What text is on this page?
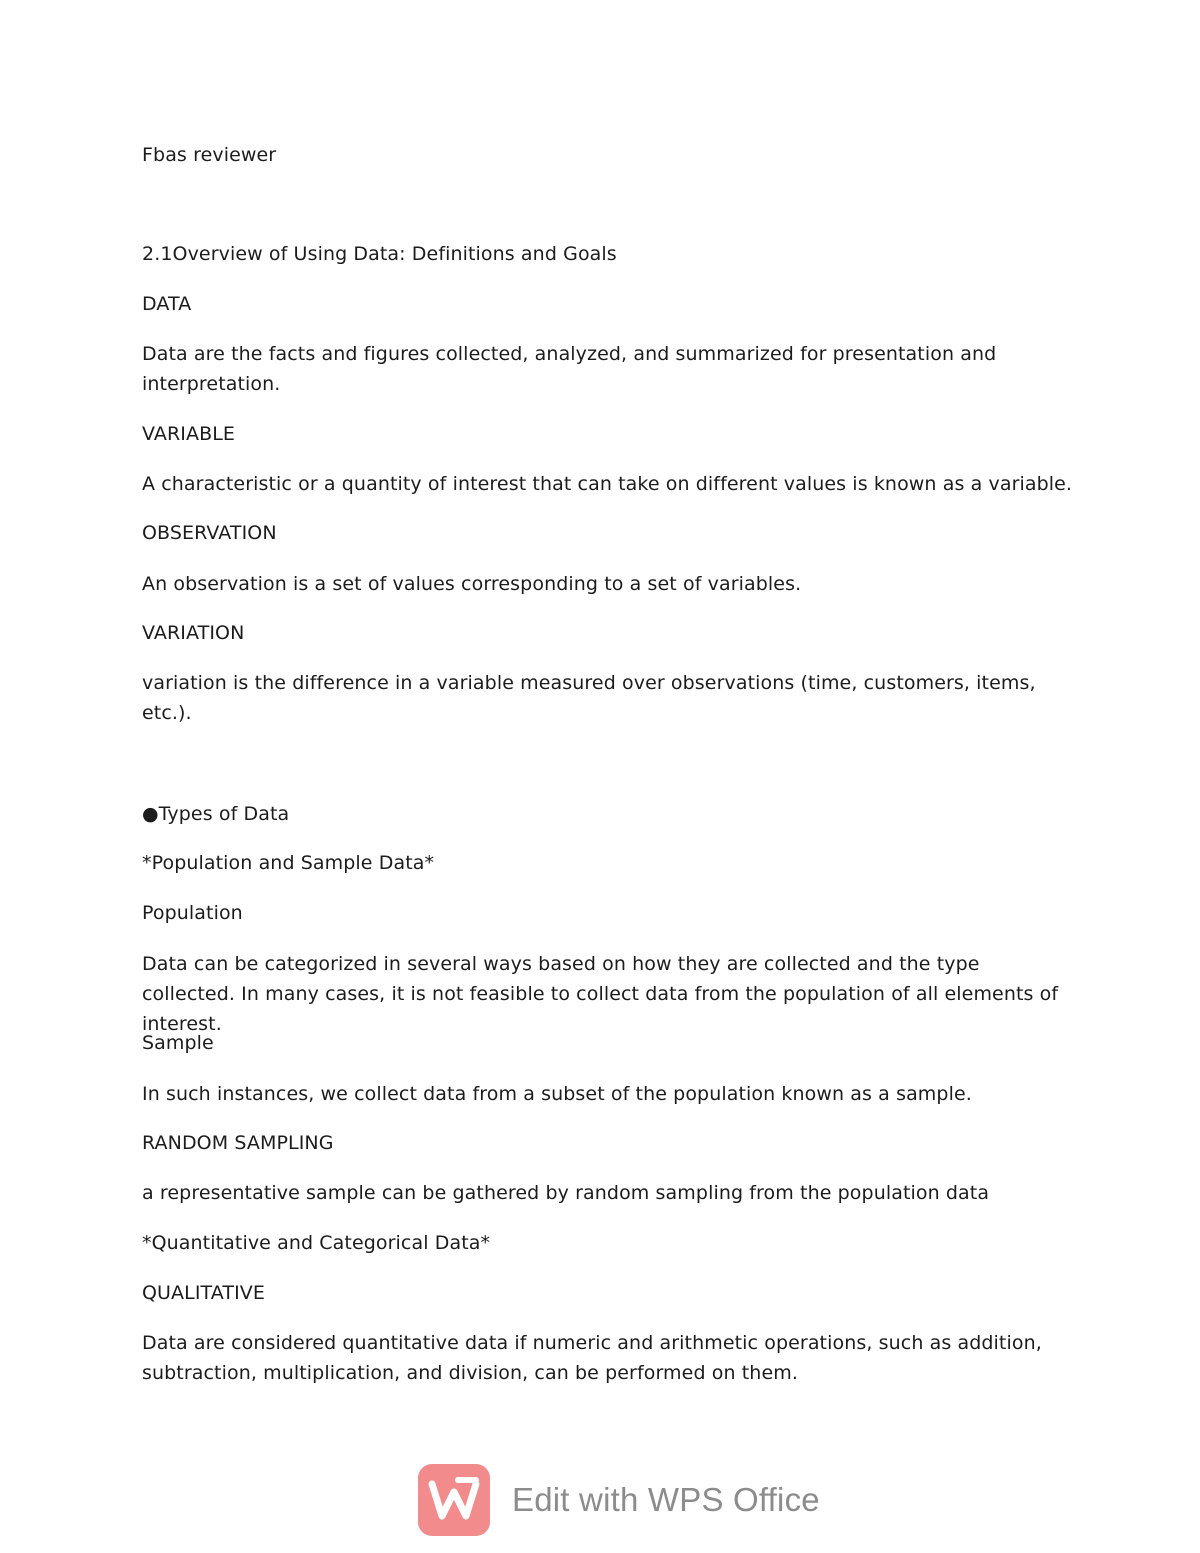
Fbas reviewer
2.1Overview of Using Data: Definitions and Goals
DATA
Data are the facts and figures collected, analyzed, and summarized for presentation and interpretation.
VARIABLE
A characteristic or a quantity of interest that can take on different values is known as a variable.
OBSERVATION
An observation is a set of values corresponding to a set of variables.
VARIATION
variation is the difference in a variable measured over observations (time, customers, items, etc.).
●Types of Data
*Population and Sample Data*
Population
Data can be categorized in several ways based on how they are collected and the type collected. In many cases, it is not feasible to collect data from the population of all elements of interest.
Sample
In such instances, we collect data from a subset of the population known as a sample.
RANDOM SAMPLING
a representative sample can be gathered by random sampling from the population data
*Quantitative and Categorical Data*
QUALITATIVE
Data are considered quantitative data if numeric and arithmetic operations, such as addition, subtraction, multiplication, and division, can be performed on them.
Edit with WPS Office
